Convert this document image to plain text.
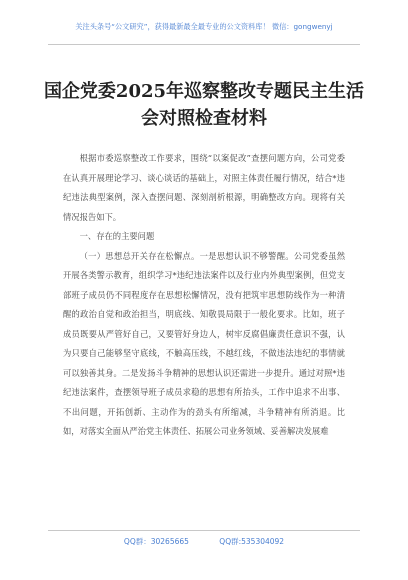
关注头条号“公文研究”，获得最新最全最专业的公文资料库！ 微信：gongwenyj
国企党委2025年巡察整改专题民主生活会对照检查材料

根据市委巡察整改工作要求，围绕“以案促改”查摆问题方向，公司党委在认真开展理论学习、谈心谈话的基础上，对照主体责任履行情况，结合*违纪违法典型案例，深入查摆问题、深刻剖析根源，明确整改方向。现将有关情况报告如下。

一、存在的主要问题

（一）思想总开关存在松懈点。一是思想认识不够警醒。公司党委虽然开展各类警示教育，组织学习*违纪违法案件以及行业内外典型案例，但党支部班子成员仍不同程度存在思想松懈情况，没有把筑牢思想防线作为一种清醒的政治自觉和政治担当，明底线、知敬畏局限于一般化要求。比如，班子成员既要从严管好自己，又要管好身边人，树牢反腐倡廉责任意识不强，认为只要自己能够坚守底线，不触高压线，不越红线，不做违法违纪的事情就可以独善其身。二是发扬斗争精神的思想认识还需进一步提升。通过对照*违纪违法案件，查摆领导班子成员求稳的思想有所抬头，工作中追求不出事、不出问题，开拓创新、主动作为的劲头有所缩减，斗争精神有所消退。比如，对落实全面从严治党主体责任、拓展公司业务领域、妥善解决发展难

QQ群：30265665	QQ群:535304092
